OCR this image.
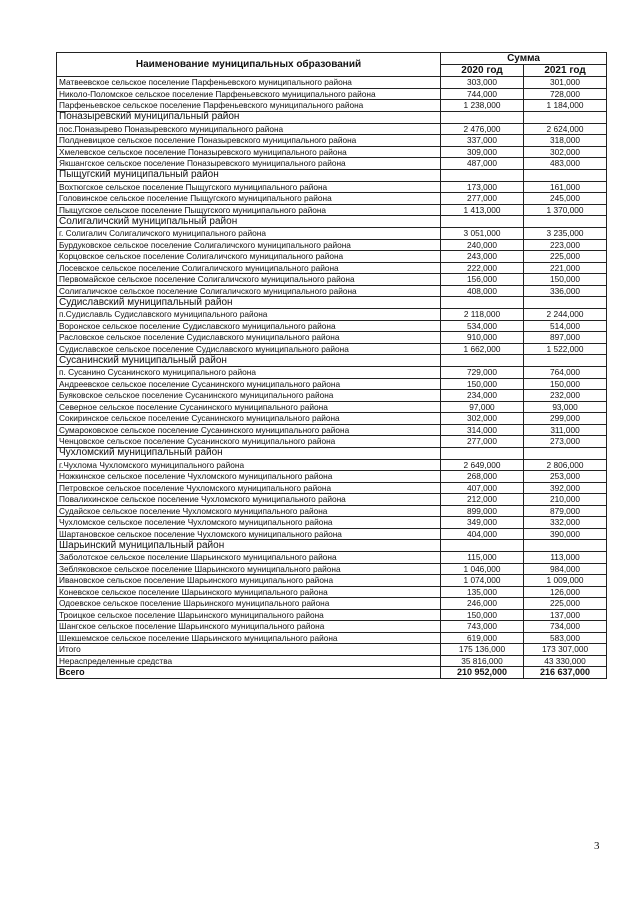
Наименование муниципальных образований	Сумма	
	2020 год	2021 год
Матвеевское сельское поселение Парфеньевского муниципального района	303,000	301,000
Николо-Поломское сельское поселение Парфеньевского муниципального района	744,000	728,000
Парфеньевское сельское поселение Парфеньевского муниципального района	1 238,000	1 184,000
Поназыревский муниципальный район		
пос.Поназырево Поназыревского муниципального района	2 476,000	2 624,000
Полдневицкое сельское поселение Поназыревского муниципального района	337,000	318,000
Хмелевское сельское поселение Поназыревского муниципального района	309,000	302,000
Якшангское сельское поселение Поназыревского муниципального района	487,000	483,000
Пыщугский муниципальный район		
Вохтюгское сельское поселение Пыщугского муниципального района	173,000	161,000
Головинское сельское поселение Пыщугского муниципального района	277,000	245,000
Пыщугское сельское поселение Пыщугского муниципального района	1 413,000	1 370,000
Солигаличский муниципальный район		
г. Солигалич Солигаличского муниципального района	3 051,000	3 235,000
Бурдуковское сельское поселение Солигаличского муниципального района	240,000	223,000
Корцовское сельское поселение Солигаличского муниципального района	243,000	225,000
Лосевское сельское поселение Солигаличского муниципального района	222,000	221,000
Первомайское сельское поселение Солигаличского муниципального района	156,000	150,000
Солигаличское сельское поселение Солигаличского муниципального района	408,000	336,000
Судиславский муниципальный район		
п.Судиславль Судиславского муниципального района	2 118,000	2 244,000
Воронское сельское поселение Судиславского муниципального района	534,000	514,000
Расловское сельское поселение Судиславского муниципального района	910,000	897,000
Судиславское сельское поселение Судиславского муниципального района	1 662,000	1 522,000
Сусанинский муниципальный район		
п. Сусанино Сусанинского муниципального района	729,000	764,000
Андреевское сельское поселение Сусанинского муниципального района	150,000	150,000
Буяковское сельское поселение Сусанинского муниципального района	234,000	232,000
Северное сельское поселение Сусанинского муниципального района	97,000	93,000
Сокиринское сельское поселение Сусанинского муниципального района	302,000	299,000
Сумароковское сельское поселение Сусанинского муниципального района	314,000	311,000
Ченцовское сельское поселение Сусанинского муниципального района	277,000	273,000
Чухломский муниципальный район		
г.Чухлома Чухломского муниципального района	2 649,000	2 806,000
Ножкинское сельское поселение Чухломского муниципального района	268,000	253,000
Петровское сельское поселение Чухломского муниципального района	407,000	392,000
Повалихинское сельское поселение Чухломского муниципального района	212,000	210,000
Судайское сельское поселение Чухломского муниципального района	899,000	879,000
Чухломское сельское поселение Чухломского муниципального района	349,000	332,000
Шартановское сельское поселение Чухломского муниципального района	404,000	390,000
Шарьинский муниципальный район		
Заболотское сельское поселение Шарьинского муниципального района	115,000	113,000
Зебляковское сельское поселение Шарьинского муниципального района	1 046,000	984,000
Ивановское сельское поселение Шарьинского муниципального района	1 074,000	1 009,000
Коневское сельское поселение Шарьинского муниципального района	135,000	126,000
Одоевское сельское поселение Шарьинского муниципального района	246,000	225,000
Троицкое сельское поселение Шарьинского муниципального района	150,000	137,000
Шангское сельское поселение Шарьинского муниципального района	743,000	734,000
Шекшемское сельское поселение Шарьинского муниципального района	619,000	583,000
Итого	175 136,000	173 307,000
Нераспределенные средства	35 816,000	43 330,000
Всего	210 952,000	216 637,000
3
